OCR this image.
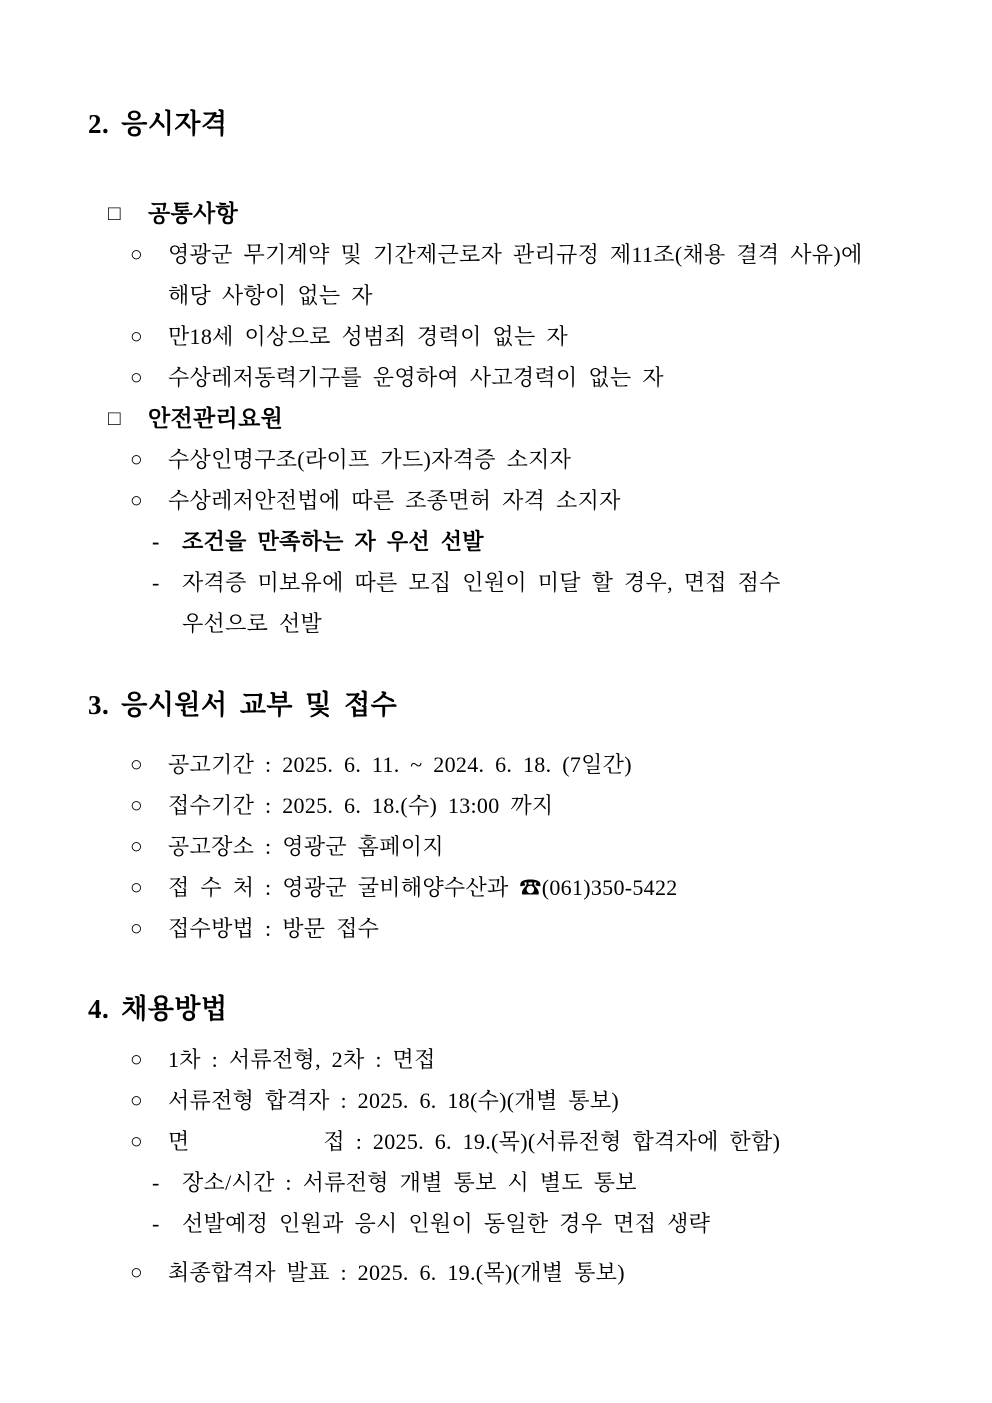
2. 응시자격
□	공통사항
○	영광군 무기계약 및 기간제근로자 관리규정 제11조(채용 결격 사유)에
해당 사항이 없는 자
○	만18세 이상으로 성범죄 경력이 없는 자
○	수상레저동력기구를 운영하여 사고경력이 없는 자
□	안전관리요원
○	수상인명구조(라이프 가드)자격증 소지자
○	수상레저안전법에 따른 조종면허 자격 소지자
-	조건을 만족하는 자 우선 선발
-	자격증 미보유에 따른 모집 인원이 미달 할 경우, 면접 점수
우선으로 선발
3. 응시원서 교부 및 접수
○	공고기간 : 2025. 6. 11. ~ 2024. 6. 18. (7일간)
○	접수기간 : 2025. 6. 18.(수) 13:00 까지
○	공고장소 : 영광군 홈페이지
○	접 수 처 : 영광군 굴비해양수산과 ☎(061)350-5422
○	접수방법 : 방문 접수
4. 채용방법
○	1차 : 서류전형, 2차 : 면접
○	서류전형 합격자 : 2025. 6. 18(수)(개별 통보)
○	면　　　　　　접 : 2025. 6. 19.(목)(서류전형 합격자에 한함)
-	장소/시간 : 서류전형 개별 통보 시 별도 통보
-	선발예정 인원과 응시 인원이 동일한 경우 면접 생략
○	최종합격자 발표 : 2025. 6. 19.(목)(개별 통보)
